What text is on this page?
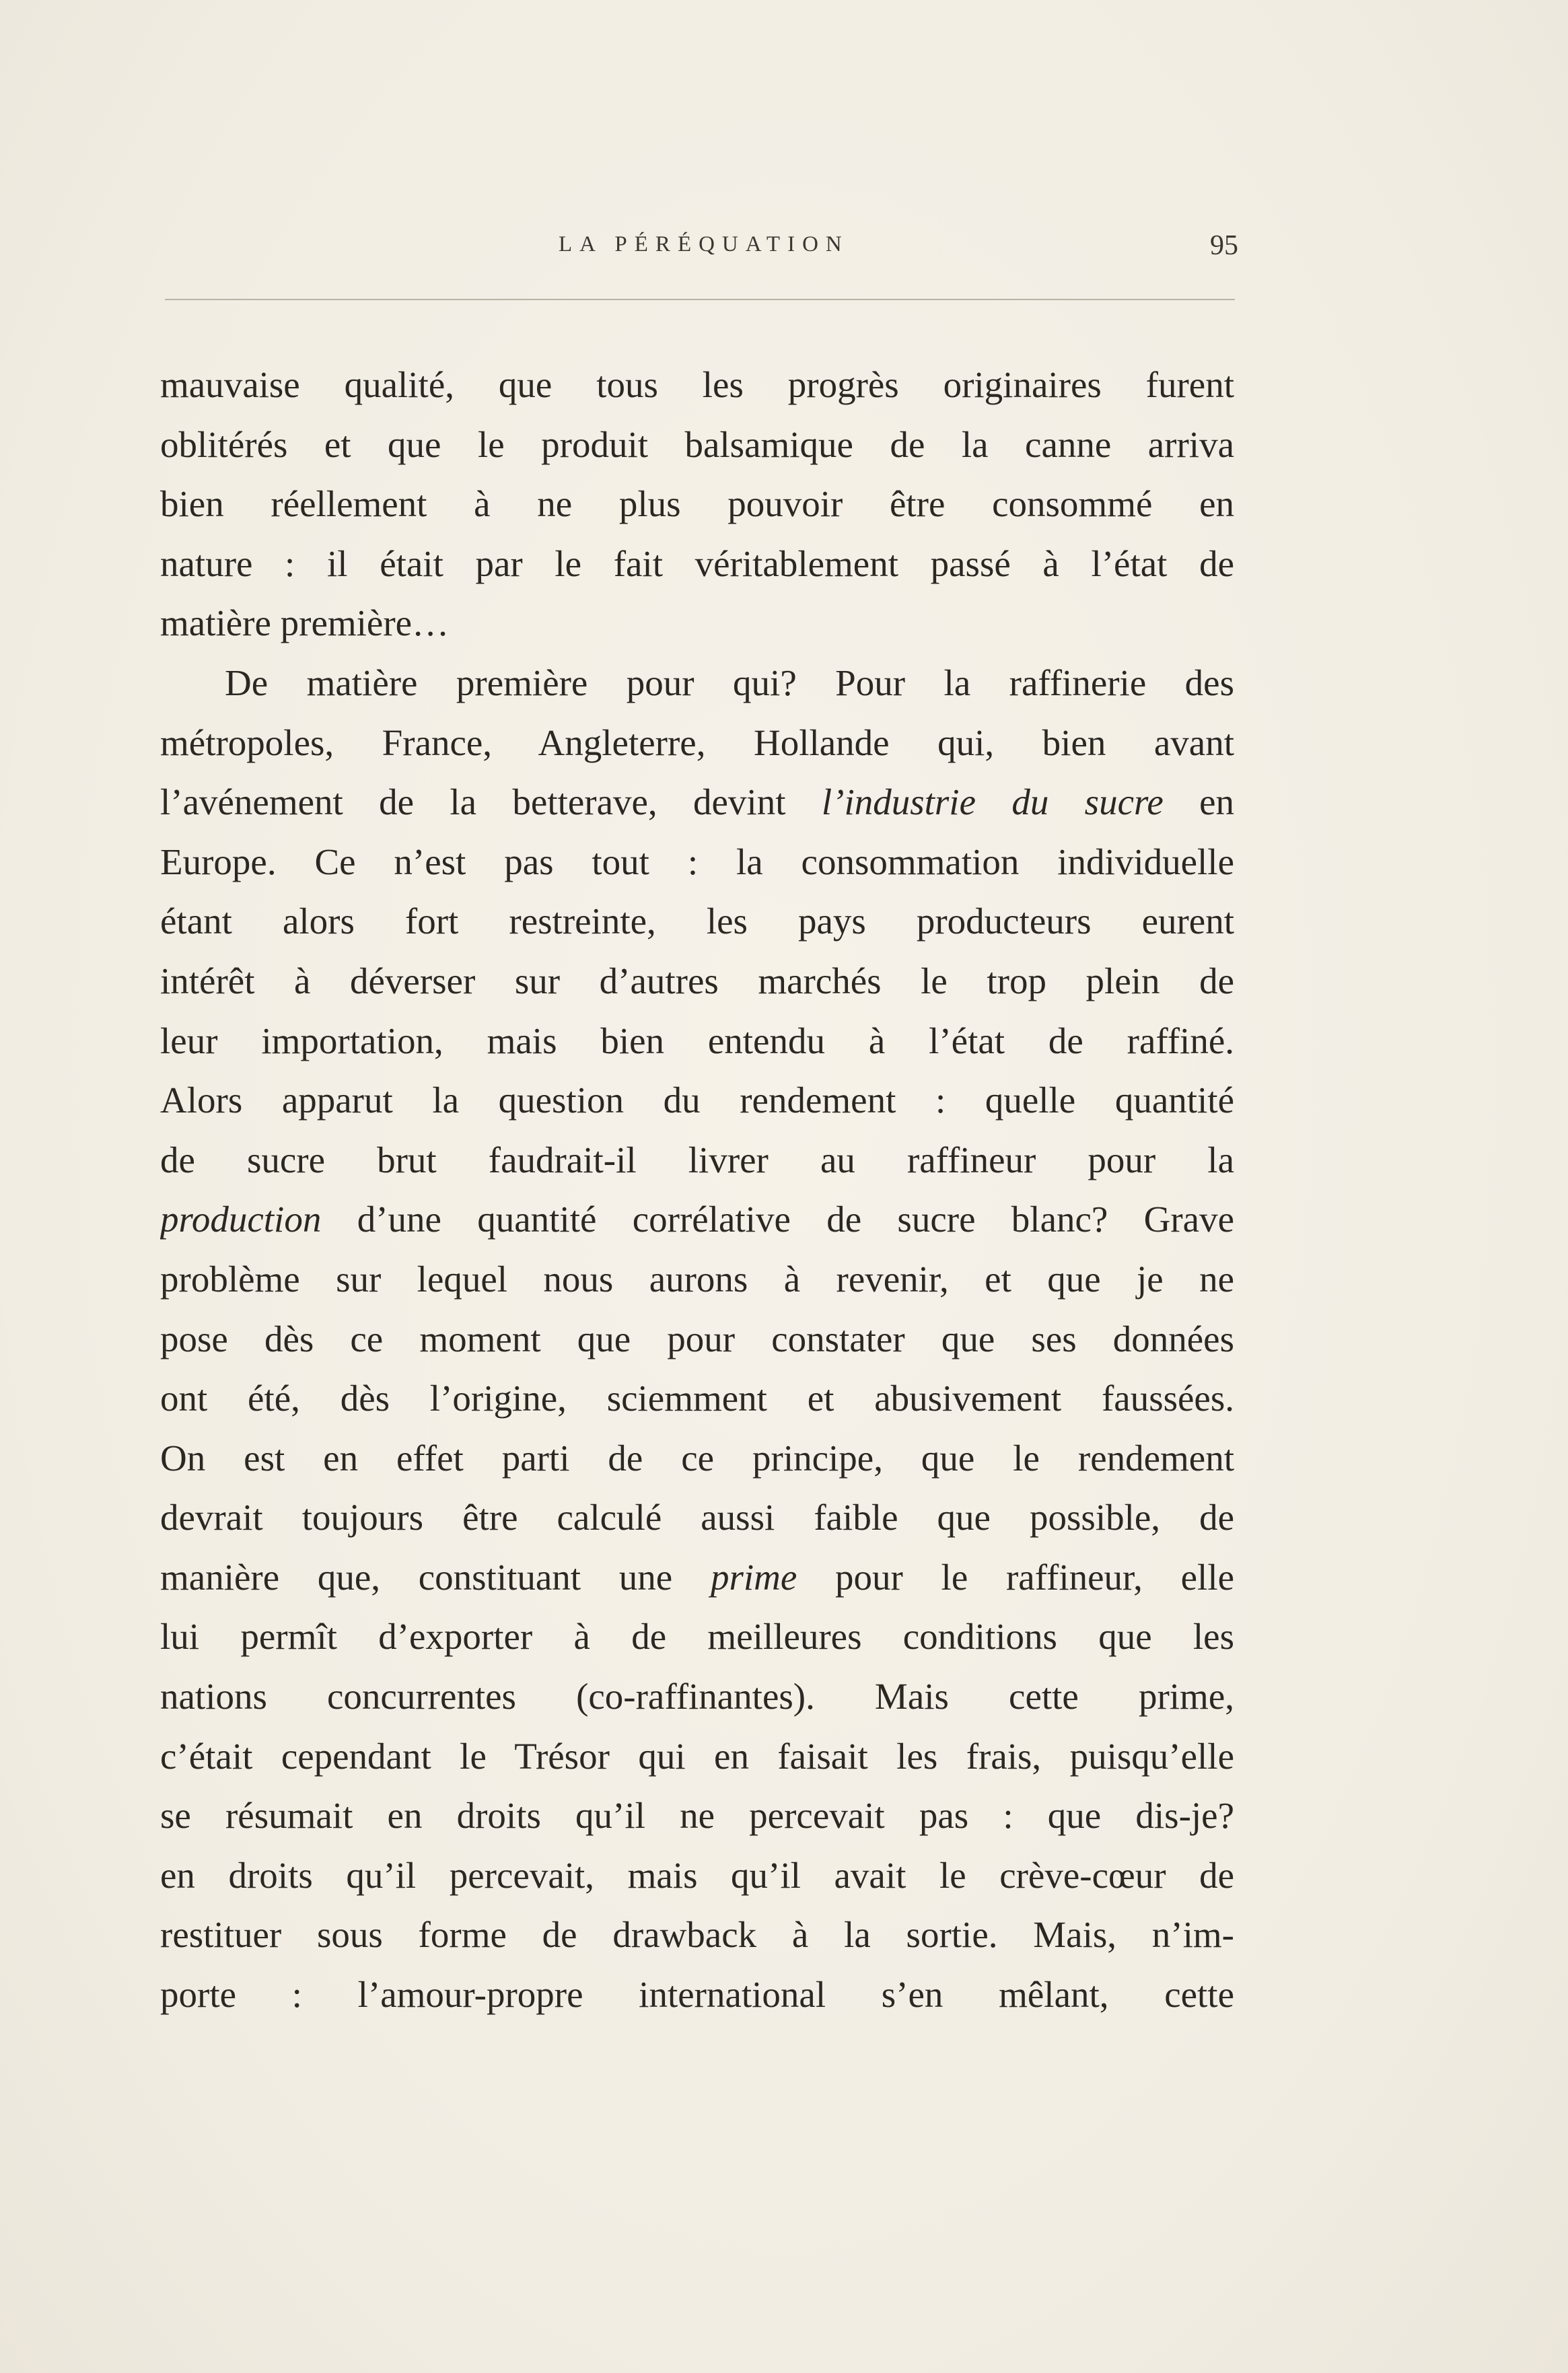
LA PÉRÉQUATION	95
mauvaise qualité, que tous les progrès originaires furent
oblitérés et que le produit balsamique de la canne arriva
bien réellement à ne plus pouvoir être consommé en
nature : il était par le fait véritablement passé à l’état de
matière première…
De matière première pour qui? Pour la raffinerie des
métropoles, France, Angleterre, Hollande qui, bien avant
l’avénement de la betterave, devint l’industrie du sucre en
Europe. Ce n’est pas tout : la consommation individuelle
étant alors fort restreinte, les pays producteurs eurent
intérêt à déverser sur d’autres marchés le trop plein de
leur importation, mais bien entendu à l’état de raffiné.
Alors apparut la question du rendement : quelle quantité
de sucre brut faudrait-il livrer au raffineur pour la
production d’une quantité corrélative de sucre blanc? Grave
problème sur lequel nous aurons à revenir, et que je ne
pose dès ce moment que pour constater que ses données
ont été, dès l’origine, sciemment et abusivement faussées.
On est en effet parti de ce principe, que le rendement
devrait toujours être calculé aussi faible que possible, de
manière que, constituant une prime pour le raffineur, elle
lui permît d’exporter à de meilleures conditions que les
nations concurrentes (co-raffinantes). Mais cette prime,
c’était cependant le Trésor qui en faisait les frais, puisqu’elle
se résumait en droits qu’il ne percevait pas : que dis-je?
en droits qu’il percevait, mais qu’il avait le crève-cœur de
restituer sous forme de drawback à la sortie. Mais, n’im-
porte : l’amour-propre international s’en mêlant, cette
